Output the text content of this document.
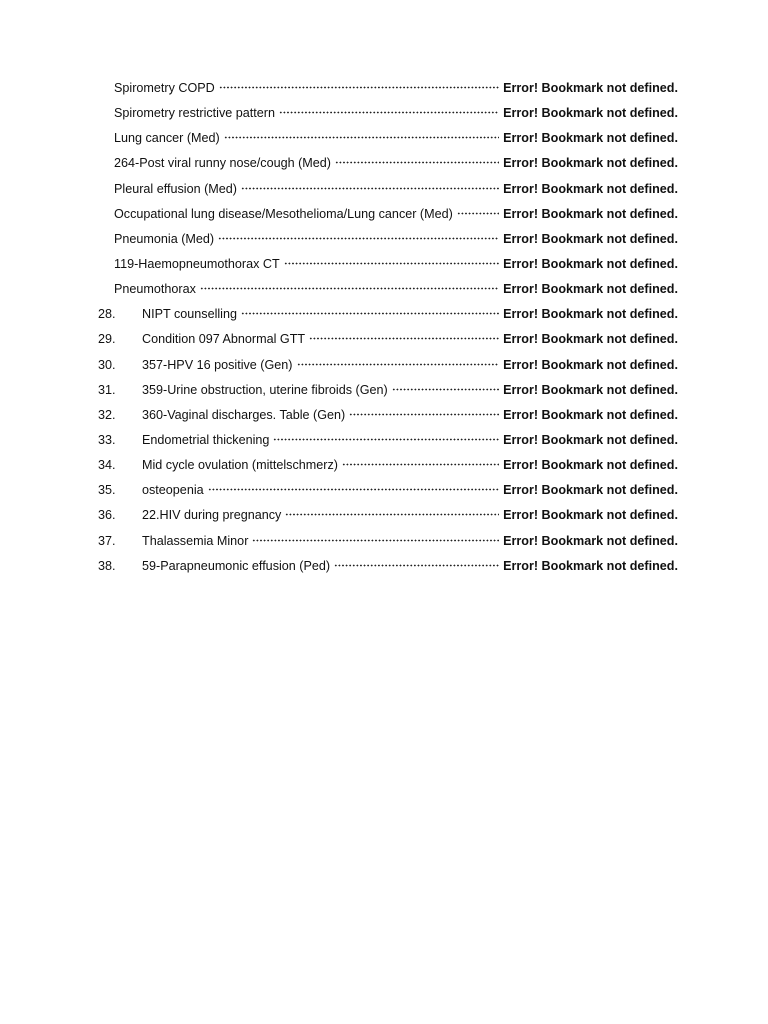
Spirometry COPD	Error! Bookmark not defined.
Spirometry restrictive pattern	Error! Bookmark not defined.
Lung cancer (Med)	Error! Bookmark not defined.
264-Post viral runny nose/cough (Med)	Error! Bookmark not defined.
Pleural effusion (Med)	Error! Bookmark not defined.
Occupational lung disease/Mesothelioma/Lung cancer (Med)	Error! Bookmark not defined.
Pneumonia (Med)	Error! Bookmark not defined.
119-Haemopneumothorax CT	Error! Bookmark not defined.
Pneumothorax	Error! Bookmark not defined.
28.	NIPT counselling	Error! Bookmark not defined.
29.	Condition 097 Abnormal GTT	Error! Bookmark not defined.
30.	357-HPV 16 positive (Gen)	Error! Bookmark not defined.
31.	359-Urine obstruction, uterine fibroids (Gen)	Error! Bookmark not defined.
32.	360-Vaginal discharges. Table (Gen)	Error! Bookmark not defined.
33.	Endometrial thickening	Error! Bookmark not defined.
34.	Mid cycle ovulation (mittelschmerz)	Error! Bookmark not defined.
35.	osteopenia	Error! Bookmark not defined.
36.	22.HIV during pregnancy	Error! Bookmark not defined.
37.	Thalassemia Minor	Error! Bookmark not defined.
38.	59-Parapneumonic effusion (Ped)	Error! Bookmark not defined.
